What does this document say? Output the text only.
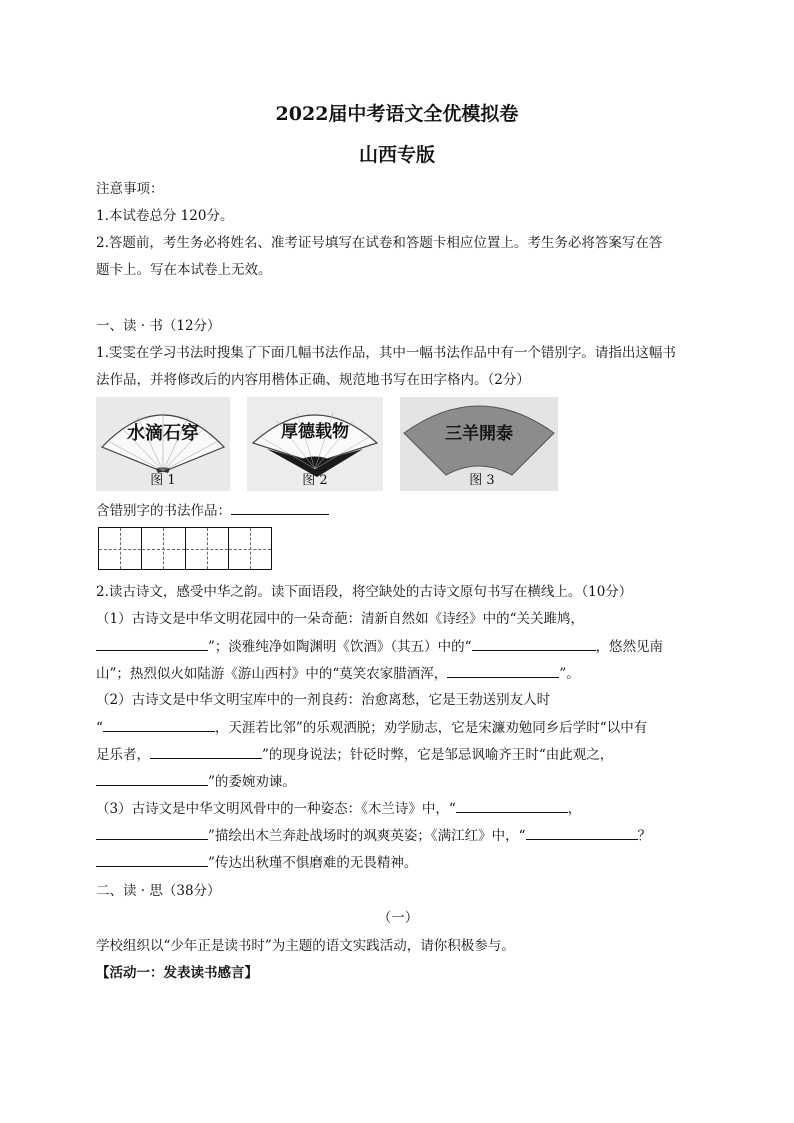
2022届中考语文全优模拟卷
山西专版
注意事项：
1.本试卷总分 120分。
2.答题前，考生务必将姓名、准考证号填写在试卷和答题卡相应位置上。考生务必将答案写在答
题卡上。写在本试卷上无效。
一、读 · 书（12分）
1.雯雯在学习书法时搜集了下面几幅书法作品，其中一幅书法作品中有一个错别字。请指出这幅书
法作品，并将修改后的内容用楷体正确、规范地书写在田字格内。（2分）
水滴石穿
图 1
厚德载物
图 2
三羊開泰
图 3
含错别字的书法作品：
2.读古诗文，感受中华之韵。读下面语段，将空缺处的古诗文原句书写在横线上。（10分）
（1）古诗文是中华文明花园中的一朵奇葩：清新自然如《诗经》中的“关关雎鸠，
”；淡雅纯净如陶渊明《饮酒》（其五）中的“	，悠然见南
山”；热烈似火如陆游《游山西村》中的“莫笑农家腊酒浑，	”。
（2）古诗文是中华文明宝库中的一剂良药：治愈离愁，它是王勃送别友人时
“	，天涯若比邻”的乐观洒脱；劝学励志，它是宋濂劝勉同乡后学时“以中有
足乐者，	”的现身说法；针砭时弊，它是邹忌讽喻齐王时“由此观之，
”的委婉劝谏。
（3）古诗文是中华文明风骨中的一种姿态：《木兰诗》中，“	，
”描绘出木兰奔赴战场时的飒爽英姿；《满江红》中，“	？
”传达出秋瑾不惧磨难的无畏精神。
二、读 · 思（38分）
（一）
学校组织以“少年正是读书时”为主题的语文实践活动，请你积极参与。
【活动一：发表读书感言】
